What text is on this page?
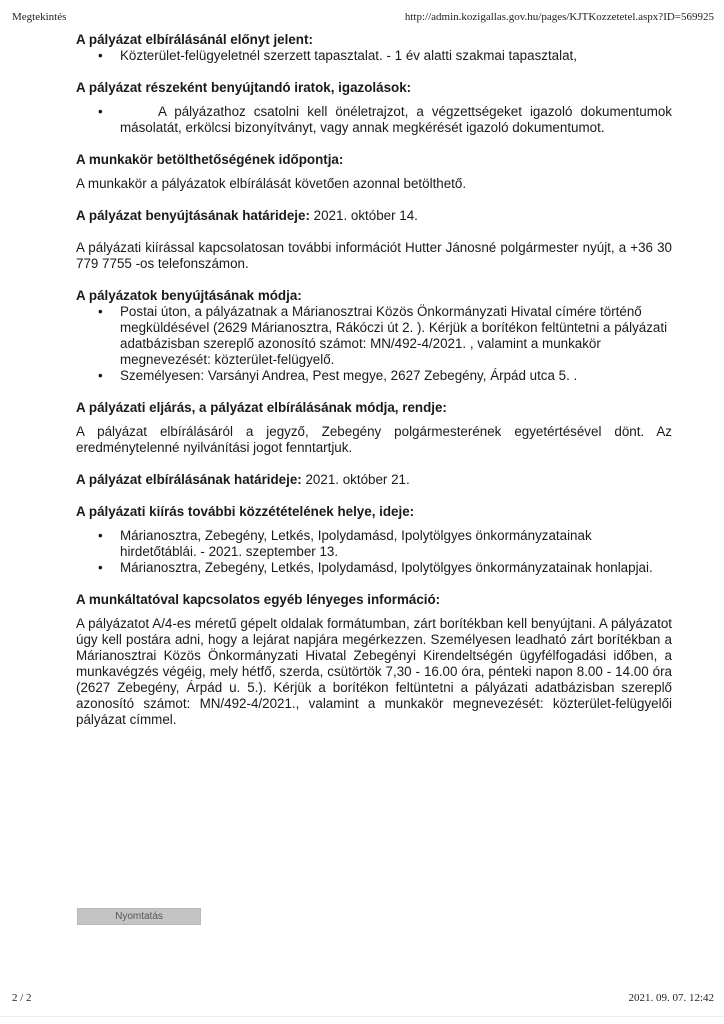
Megtekintés	http://admin.kozigallas.gov.hu/pages/KJTKozzetetel.aspx?ID=569925

A pályázat elbírálásánál előnyt jelent:

• Közterület-felügyeletnél szerzett tapasztalat. - 1 év alatti szakmai tapasztalat,

A pályázat részeként benyújtandó iratok, igazolások:

•	A pályázathoz csatolni kell önéletrajzot, a végzettségeket igazoló dokumentumok másolatát, erkölcsi bizonyítványt, vagy annak megkérését igazoló dokumentumot.

A munkakör betölthetőségének időpontja:

A munkakör a pályázatok elbírálását követően azonnal betölthető.

A pályázat benyújtásának határideje: 2021. október 14.

A pályázati kiírással kapcsolatosan további információt Hutter Jánosné polgármester nyújt, a +36 30 779 7755 -os telefonszámon.

A pályázatok benyújtásának módja:

• Postai úton, a pályázatnak a Márianosztrai Közös Önkormányzati Hivatal címére történő megküldésével (2629 Márianosztra, Rákóczi út 2. ). Kérjük a borítékon feltüntetni a pályázati adatbázisban szereplő azonosító számot: MN/492-4/2021. , valamint a munkakör megnevezését: közterület-felügyelő.
• Személyesen: Varsányi Andrea, Pest megye, 2627 Zebegény, Árpád utca 5. .

A pályázati eljárás, a pályázat elbírálásának módja, rendje:

A pályázat elbírálásáról a jegyző, Zebegény polgármesterének egyetértésével dönt. Az eredménytelenné nyilvánítási jogot fenntartjuk.

A pályázat elbírálásának határideje: 2021. október 21.

A pályázati kiírás további közzétételének helye, ideje:

• Márianosztra, Zebegény, Letkés, Ipolydamásd, Ipolytölgyes önkormányzatainak hirdetőtáblái. - 2021. szeptember 13.
• Márianosztra, Zebegény, Letkés, Ipolydamásd, Ipolytölgyes önkormányzatainak honlapjai.

A munkáltatóval kapcsolatos egyéb lényeges információ:

A pályázatot A/4-es méretű gépelt oldalak formátumban, zárt borítékban kell benyújtani. A pályázatot úgy kell postára adni, hogy a lejárat napjára megérkezzen. Személyesen leadható zárt borítékban a Márianosztrai Közös Önkormányzati Hivatal Zebegényi Kirendeltségén ügyfélfogadási időben, a munkavégzés végéig, mely hétfő, szerda, csütörtök 7,30 - 16.00 óra, pénteki napon 8.00 - 14.00 óra (2627 Zebegény, Árpád u. 5.). Kérjük a borítékon feltüntetni a pályázati adatbázisban szereplő azonosító számot: MN/492-4/2021., valamint a munkakör megnevezését: közterület-felügyelői pályázat címmel.

Nyomtatás
2 / 2	2021. 09. 07. 12:42
